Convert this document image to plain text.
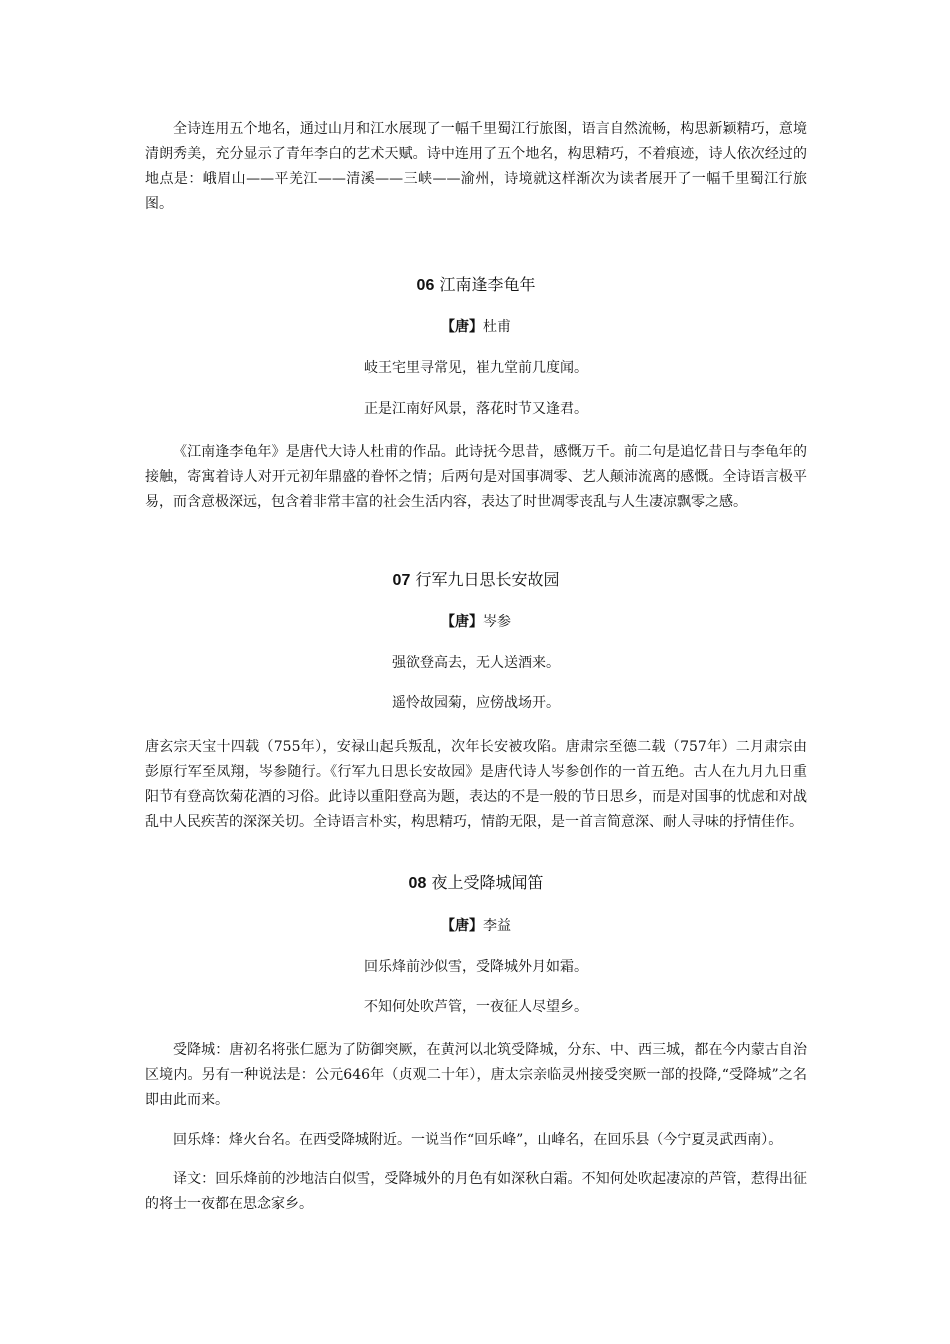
全诗连用五个地名，通过山月和江水展现了一幅千里蜀江行旅图，语言自然流畅，构思新颖精巧，意境清朗秀美，充分显示了青年李白的艺术天赋。诗中连用了五个地名，构思精巧，不着痕迹，诗人依次经过的地点是：峨眉山——平羌江——清溪——三峡——渝州，诗境就这样渐次为读者展开了一幅千里蜀江行旅图。

06 江南逢李龟年
【唐】杜甫

岐王宅里寻常见，崔九堂前几度闻。

正是江南好风景，落花时节又逢君。

《江南逢李龟年》是唐代大诗人杜甫的作品。此诗抚今思昔，感慨万千。前二句是追忆昔日与李龟年的接触，寄寓着诗人对开元初年鼎盛的眷怀之情；后两句是对国事凋零、艺人颠沛流离的感慨。全诗语言极平易，而含意极深远，包含着非常丰富的社会生活内容，表达了时世凋零丧乱与人生凄凉飘零之感。

07 行军九日思长安故园
【唐】岑参

强欲登高去，无人送酒来。

遥怜故园菊，应傍战场开。

唐玄宗天宝十四载（755年），安禄山起兵叛乱，次年长安被攻陷。唐肃宗至德二载（757年）二月肃宗由彭原行军至凤翔，岑参随行。《行军九日思长安故园》是唐代诗人岑参创作的一首五绝。古人在九月九日重阳节有登高饮菊花酒的习俗。此诗以重阳登高为题，表达的不是一般的节日思乡，而是对国事的忧虑和对战乱中人民疾苦的深深关切。全诗语言朴实，构思精巧，情韵无限，是一首言简意深、耐人寻味的抒情佳作。

08 夜上受降城闻笛
【唐】李益

回乐烽前沙似雪，受降城外月如霜。

不知何处吹芦管，一夜征人尽望乡。

受降城：唐初名将张仁愿为了防御突厥，在黄河以北筑受降城，分东、中、西三城，都在今内蒙古自治区境内。另有一种说法是：公元646年（贞观二十年），唐太宗亲临灵州接受突厥一部的投降,“受降城”之名即由此而来。

回乐烽：烽火台名。在西受降城附近。一说当作“回乐峰”，山峰名，在回乐县（今宁夏灵武西南）。

译文：回乐烽前的沙地洁白似雪，受降城外的月色有如深秋白霜。不知何处吹起凄凉的芦管，惹得出征的将士一夜都在思念家乡。
